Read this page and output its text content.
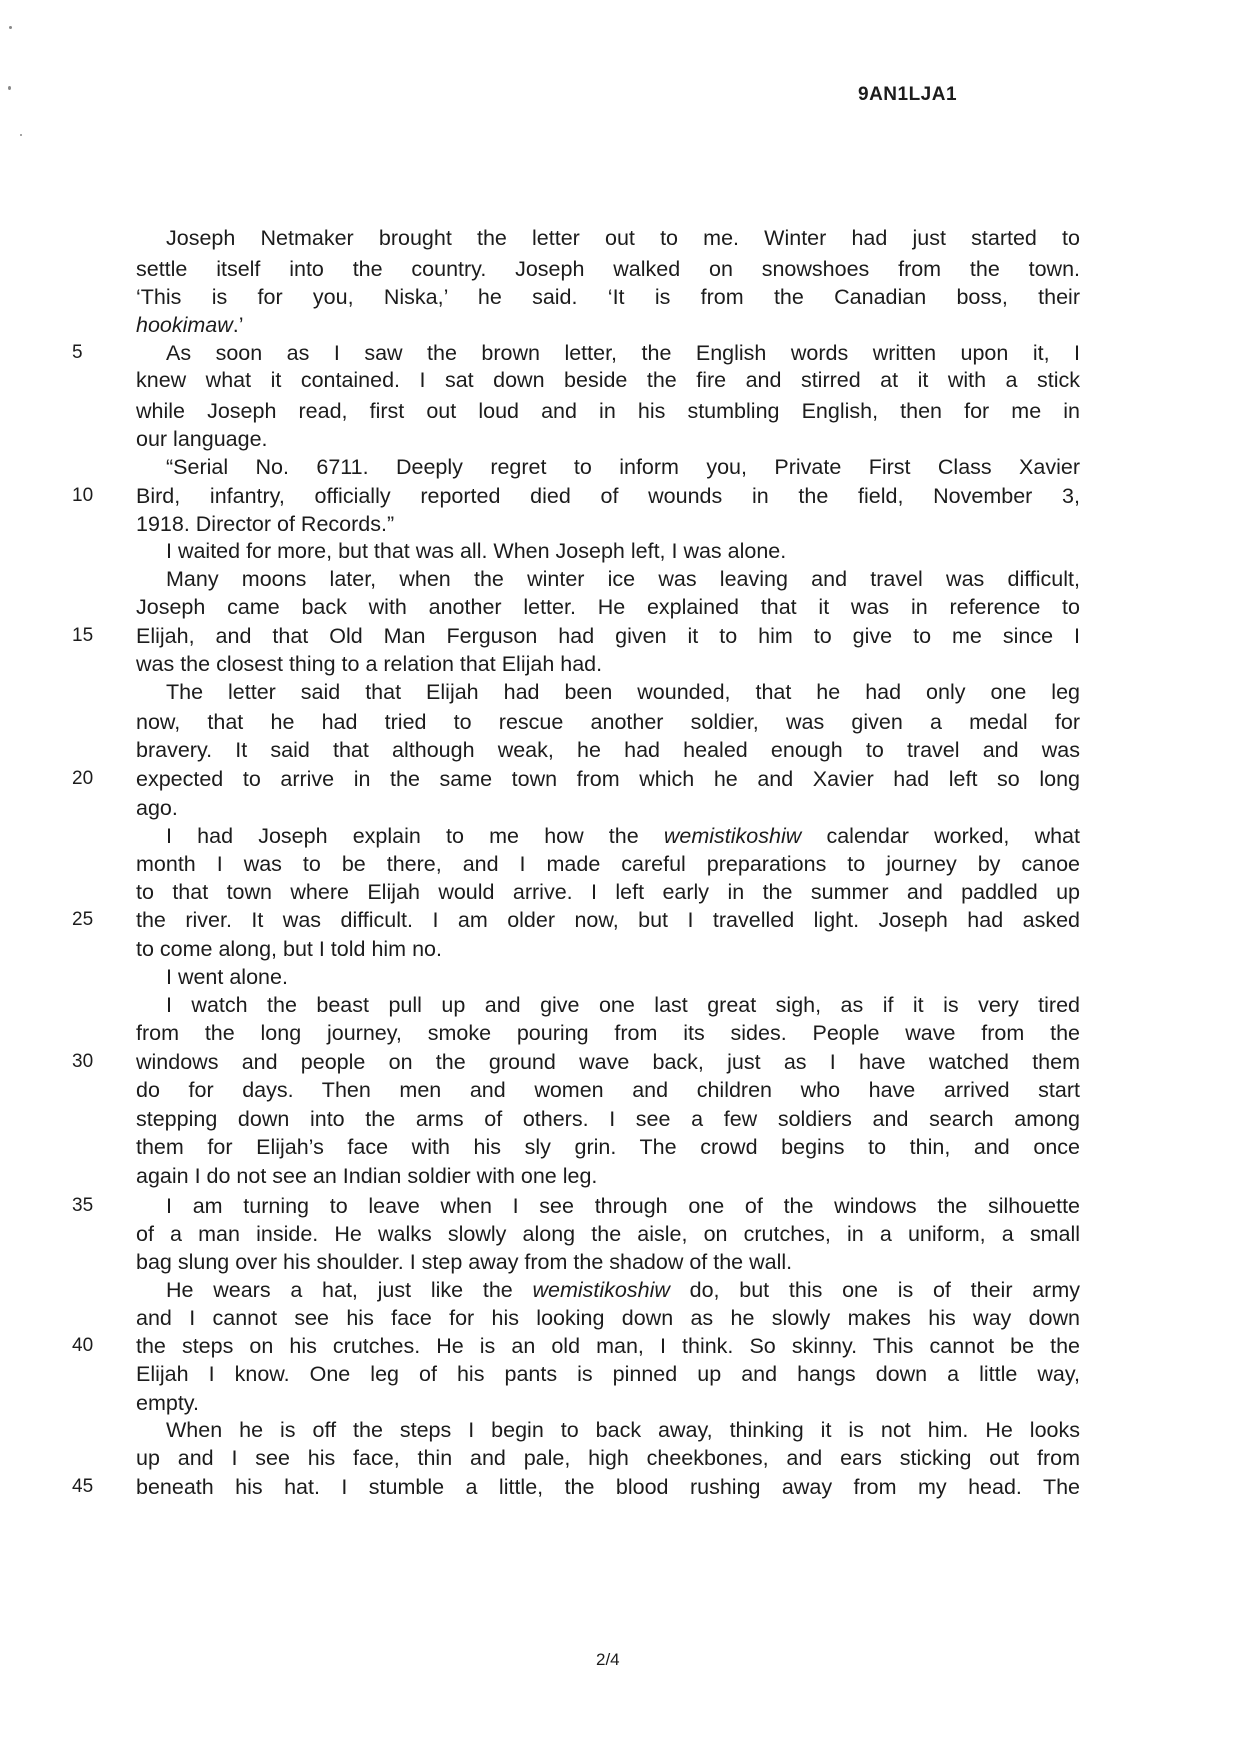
9AN1LJA1
Joseph Netmaker brought the letter out to me. Winter had just started to
settle itself into the country. Joseph walked on snowshoes from the town.
‘This is for you, Niska,’ he said. ‘It is from the Canadian boss, their
hookimaw.’
As soon as I saw the brown letter, the English words written upon it, I
knew what it contained. I sat down beside the fire and stirred at it with a stick
while Joseph read, first out loud and in his stumbling English, then for me in
our language.
“Serial No. 6711. Deeply regret to inform you, Private First Class Xavier
Bird, infantry, officially reported died of wounds in the field, November 3,
1918. Director of Records.”
I waited for more, but that was all. When Joseph left, I was alone.
Many moons later, when the winter ice was leaving and travel was difficult,
Joseph came back with another letter. He explained that it was in reference to
Elijah, and that Old Man Ferguson had given it to him to give to me since I
was the closest thing to a relation that Elijah had.
The letter said that Elijah had been wounded, that he had only one leg
now, that he had tried to rescue another soldier, was given a medal for
bravery. It said that although weak, he had healed enough to travel and was
expected to arrive in the same town from which he and Xavier had left so long
ago.
I had Joseph explain to me how the wemistikoshiw calendar worked, what
month I was to be there, and I made careful preparations to journey by canoe
to that town where Elijah would arrive. I left early in the summer and paddled up
the river. It was difficult. I am older now, but I travelled light. Joseph had asked
to come along, but I told him no.
I went alone.
I watch the beast pull up and give one last great sigh, as if it is very tired
from the long journey, smoke pouring from its sides. People wave from the
windows and people on the ground wave back, just as I have watched them
do for days. Then men and women and children who have arrived start
stepping down into the arms of others. I see a few soldiers and search among
them for Elijah’s face with his sly grin. The crowd begins to thin, and once
again I do not see an Indian soldier with one leg.
I am turning to leave when I see through one of the windows the silhouette
of a man inside. He walks slowly along the aisle, on crutches, in a uniform, a small
bag slung over his shoulder. I step away from the shadow of the wall.
He wears a hat, just like the wemistikoshiw do, but this one is of their army
and I cannot see his face for his looking down as he slowly makes his way down
the steps on his crutches. He is an old man, I think. So skinny. This cannot be the
Elijah I know. One leg of his pants is pinned up and hangs down a little way,
empty.
When he is off the steps I begin to back away, thinking it is not him. He looks
up and I see his face, thin and pale, high cheekbones, and ears sticking out from
beneath his hat. I stumble a little, the blood rushing away from my head. The
5
10
15
20
25
30
35
40
45
2/4
